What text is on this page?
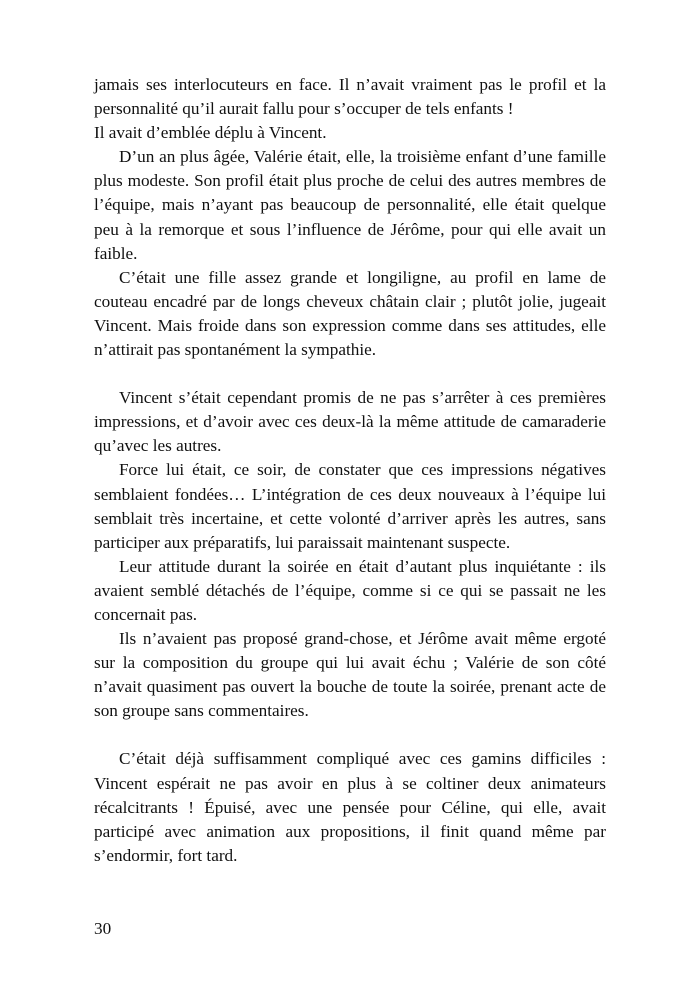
jamais ses interlocuteurs en face. Il n’avait vraiment pas le profil et la personnalité qu’il aurait fallu pour s’occuper de tels enfants !

Il avait d’emblée déplu à Vincent.

D’un an plus âgée, Valérie était, elle, la troisième enfant d’une famille plus modeste. Son profil était plus proche de celui des autres membres de l’équipe, mais n’ayant pas beaucoup de personnalité, elle était quelque peu à la remorque et sous l’influence de Jérôme, pour qui elle avait un faible.

C’était une fille assez grande et longiligne, au profil en lame de couteau encadré par de longs cheveux châtain clair ; plutôt jolie, jugeait Vincent. Mais froide dans son expression comme dans ses attitudes, elle n’attirait pas spontanément la sympathie.

Vincent s’était cependant promis de ne pas s’arrêter à ces premières impressions, et d’avoir avec ces deux-là la même attitude de camaraderie qu’avec les autres.

Force lui était, ce soir, de constater que ces impressions négatives semblaient fondées… L’intégration de ces deux nouveaux à l’équipe lui semblait très incertaine, et cette volonté d’arriver après les autres, sans participer aux préparatifs, lui paraissait maintenant suspecte.

Leur attitude durant la soirée en était d’autant plus inquiétante : ils avaient semblé détachés de l’équipe, comme si ce qui se passait ne les concernait pas.

Ils n’avaient pas proposé grand-chose, et Jérôme avait même ergoté sur la composition du groupe qui lui avait échu ; Valérie de son côté n’avait quasiment pas ouvert la bouche de toute la soirée, prenant acte de son groupe sans commentaires.

C’était déjà suffisamment compliqué avec ces gamins difficiles : Vincent espérait ne pas avoir en plus à se coltiner deux animateurs récalcitrants ! Épuisé, avec une pensée pour Céline, qui elle, avait participé avec animation aux propositions, il finit quand même par s’endormir, fort tard.

30
